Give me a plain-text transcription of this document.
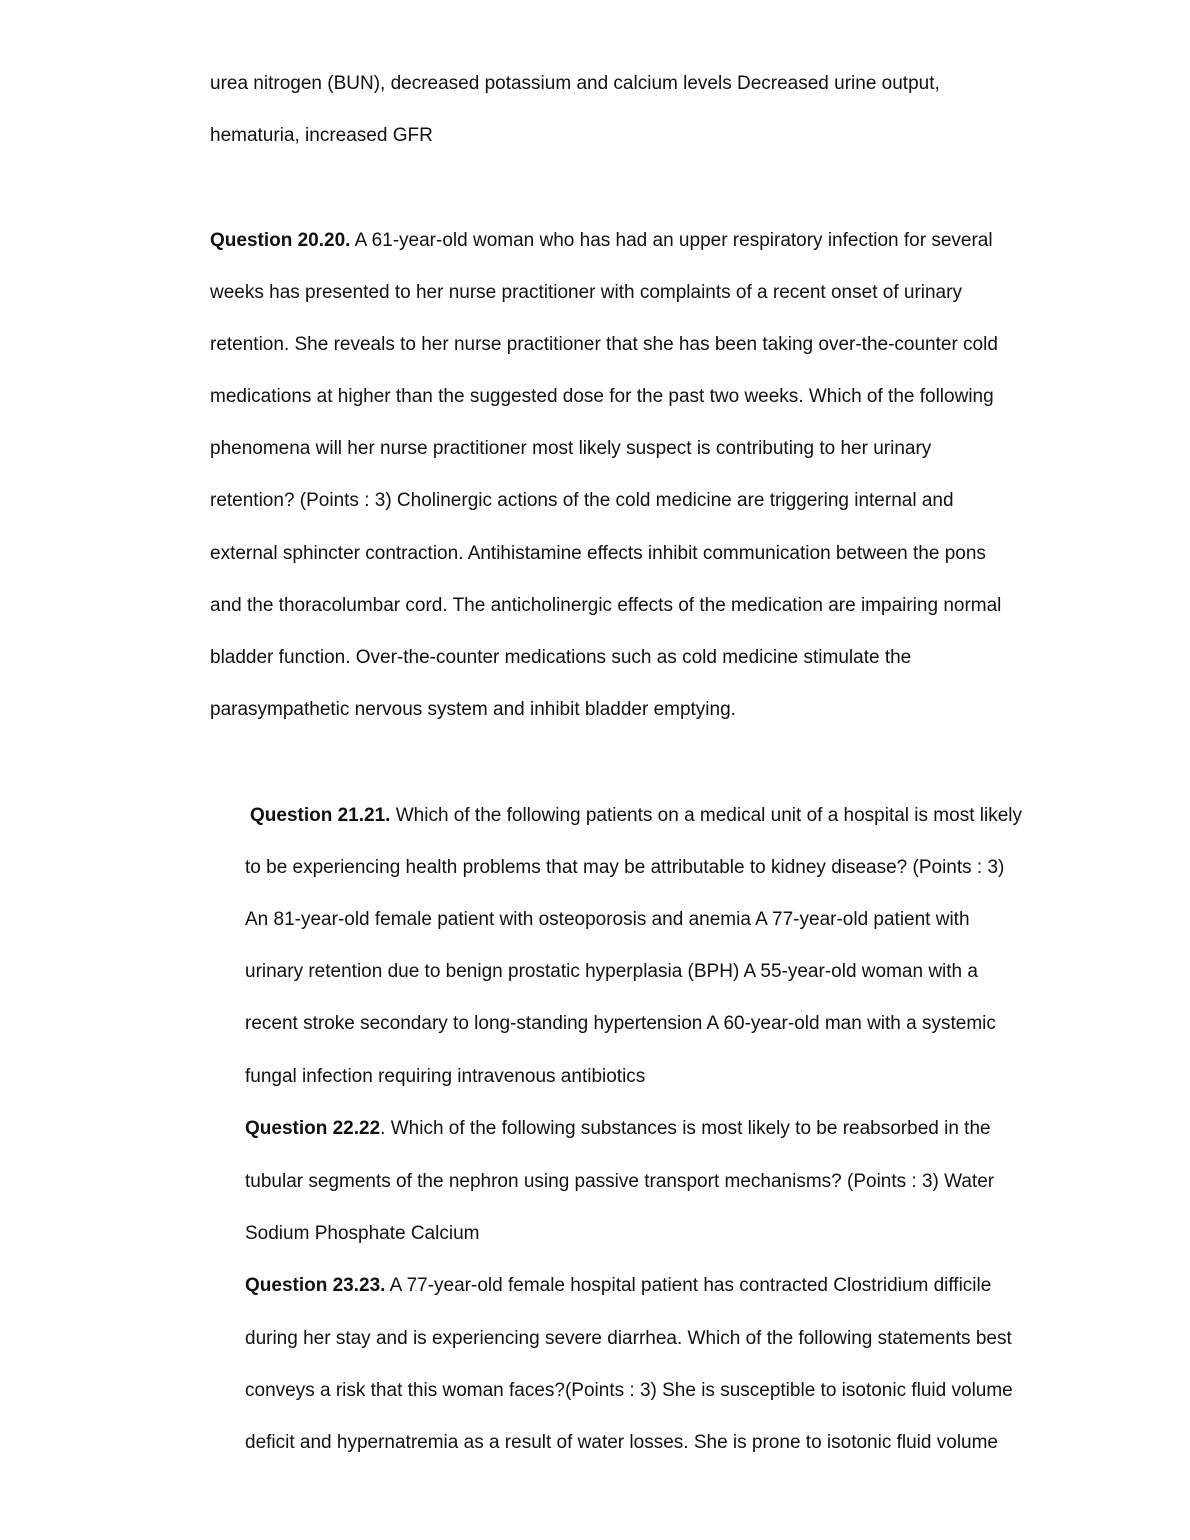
urea nitrogen (BUN), decreased potassium and calcium levels Decreased urine output,
hematuria, increased GFR
Question 20.20. A 61-year-old woman who has had an upper respiratory infection for several
weeks has presented to her nurse practitioner with complaints of a recent onset of urinary
retention. She reveals to her nurse practitioner that she has been taking over-the-counter cold
medications at higher than the suggested dose for the past two weeks. Which of the following
phenomena will her nurse practitioner most likely suspect is contributing to her urinary
retention? (Points : 3) Cholinergic actions of the cold medicine are triggering internal and
external sphincter contraction. Antihistamine effects inhibit communication between the pons
and the thoracolumbar cord. The anticholinergic effects of the medication are impairing normal
bladder function. Over-the-counter medications such as cold medicine stimulate the
parasympathetic nervous system and inhibit bladder emptying.
Question 21.21. Which of the following patients on a medical unit of a hospital is most likely
to be experiencing health problems that may be attributable to kidney disease? (Points : 3)
An 81-year-old female patient with osteoporosis and anemia A 77-year-old patient with
urinary retention due to benign prostatic hyperplasia (BPH) A 55-year-old woman with a
recent stroke secondary to long-standing hypertension A 60-year-old man with a systemic
fungal infection requiring intravenous antibiotics
Question 22.22. Which of the following substances is most likely to be reabsorbed in the
tubular segments of the nephron using passive transport mechanisms? (Points : 3) Water
Sodium Phosphate Calcium
Question 23.23. A 77-year-old female hospital patient has contracted Clostridium difficile
during her stay and is experiencing severe diarrhea. Which of the following statements best
conveys a risk that this woman faces?(Points : 3) She is susceptible to isotonic fluid volume
deficit and hypernatremia as a result of water losses. She is prone to isotonic fluid volume
